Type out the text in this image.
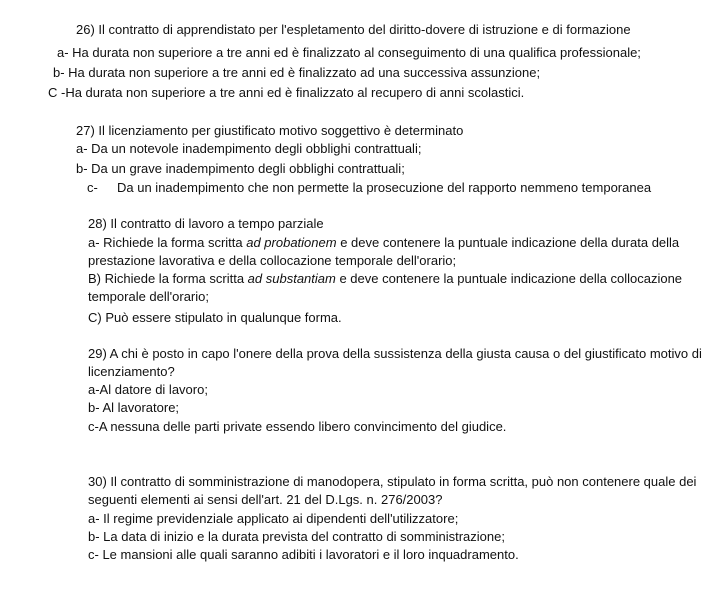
26) Il contratto di apprendistato per l'espletamento del diritto-dovere di istruzione e di formazione
a- Ha durata non superiore a tre anni ed è finalizzato al conseguimento di una qualifica professionale;
b- Ha durata non superiore a tre anni ed è finalizzato ad una successiva assunzione;
C -Ha durata non superiore a tre anni ed è finalizzato al recupero di anni scolastici.
27) Il licenziamento per giustificato motivo soggettivo è determinato
a- Da un notevole inadempimento degli obblighi contrattuali;
b- Da un grave inadempimento degli obblighi contrattuali;
c- Da un inadempimento che non permette la prosecuzione del rapporto nemmeno temporanea
28) Il contratto di lavoro a tempo parziale
a- Richiede la forma scritta ad probationem e deve contenere la puntuale indicazione della durata della
prestazione lavorativa e della collocazione temporale dell'orario;
B) Richiede la forma scritta ad substantiam e deve contenere la puntuale indicazione della collocazione
temporale dell'orario;
C) Può essere stipulato in qualunque forma.
29) A chi è posto in capo l'onere della prova della sussistenza della giusta causa o del giustificato motivo di
licenziamento?
a-Al datore di lavoro;
b- Al lavoratore;
c-A nessuna delle parti private essendo libero convincimento del giudice.
30) Il contratto di somministrazione di manodopera, stipulato in forma scritta, può non contenere quale dei
seguenti elementi ai sensi dell'art. 21 del D.Lgs. n. 276/2003?
a- Il regime previdenziale applicato ai dipendenti dell'utilizzatore;
b- La data di inizio e la durata prevista del contratto di somministrazione;
c- Le mansioni alle quali saranno adibiti i lavoratori e il loro inquadramento.
